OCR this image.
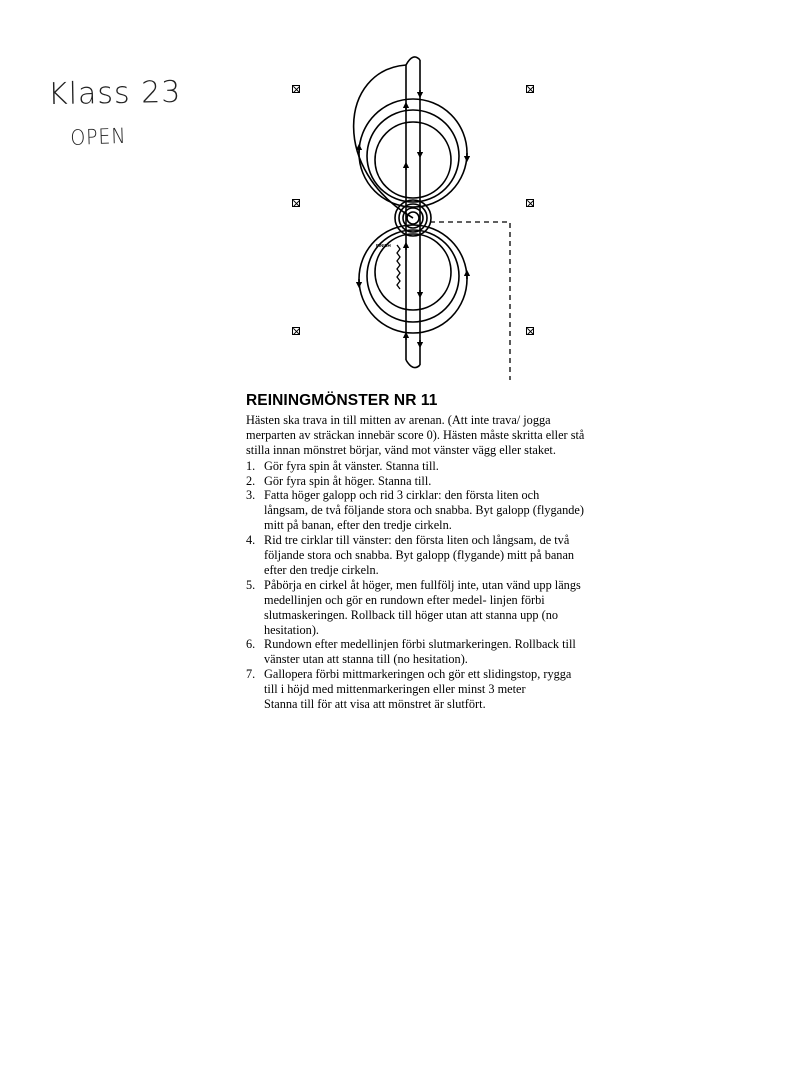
Klass 23
OPEN
FINISH
REININGMÖNSTER NR 11

Hästen ska trava in till mitten av arenan. (Att inte trava/ jogga merparten av sträckan innebär score 0). Hästen måste skritta eller stå stilla innan mönstret börjar, vänd mot vänster vägg eller staket.

1. Gör fyra spin åt vänster. Stanna till.
2. Gör fyra spin åt höger. Stanna till.
3. Fatta höger galopp och rid 3 cirklar: den första liten och långsam, de två följande stora och snabba. Byt galopp (flygande) mitt på banan, efter den tredje cirkeln.
4. Rid tre cirklar till vänster: den första liten och långsam, de två följande stora och snabba. Byt galopp (flygande) mitt på banan efter den tredje cirkeln.
5. Påbörja en cirkel åt höger, men fullfölj inte, utan vänd upp längs medellinjen och gör en rundown efter medel- linjen förbi slutmaskeringen. Rollback till höger utan att stanna upp (no hesitation).
6. Rundown efter medellinjen förbi slutmarkeringen. Rollback till vänster utan att stanna till (no hesitation).
7. Gallopera förbi mittmarkeringen och gör ett slidingstop, rygga till i höjd med mittenmarkeringen eller minst 3 meter
Stanna till för att visa att mönstret är slutfört.
